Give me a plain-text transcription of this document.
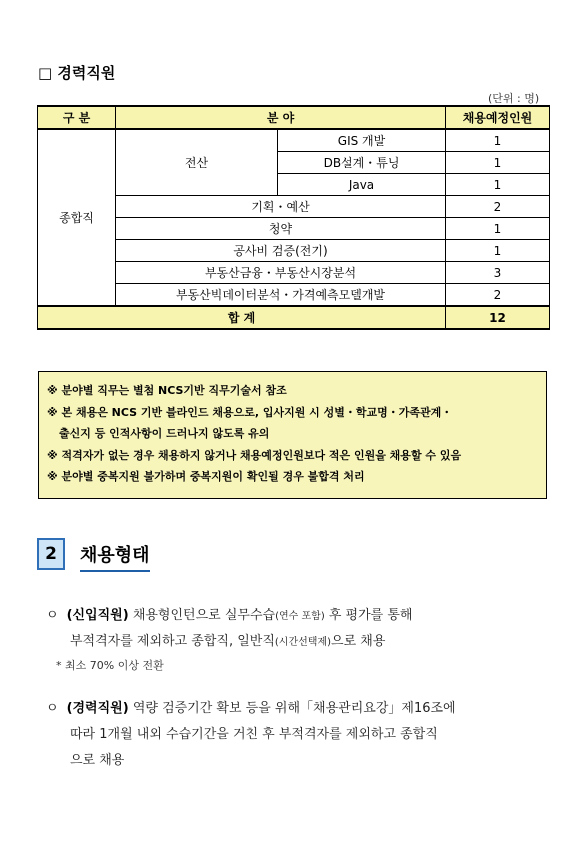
□ 경력직원
(단위 : 명)
구 분	분 야		채용예정인원
종합직	전산	GIS 개발	1
		DB설계・튜닝	1
		Java	1
	기획・예산		2
	청약		1
	공사비 검증(전기)		1
	부동산금융・부동산시장분석		3
	부동산빅데이터분석・가격예측모델개발		2
합 계			12
※ 분야별 직무는 별첨 NCS기반 직무기술서 참조
※ 본 채용은 NCS 기반 블라인드 채용으로, 입사지원 시 성별・학교명・가족관계・
출신지 등 인적사항이 드러나지 않도록 유의
※ 적격자가 없는 경우 채용하지 않거나 채용예정인원보다 적은 인원을 채용할 수 있음
※ 분야별 중복지원 불가하며 중복지원이 확인될 경우 불합격 처리
2	채용형태
ㅇ (신입직원) 채용형인턴으로 실무수습(연수 포함) 후 평가를 통해
부적격자를 제외하고 종합직, 일반직(시간선택제)으로 채용
* 최소 70% 이상 전환
ㅇ (경력직원) 역량 검증기간 확보 등을 위해「채용관리요강」제16조에
따라 1개월 내외 수습기간을 거친 후 부적격자를 제외하고 종합직
으로 채용
